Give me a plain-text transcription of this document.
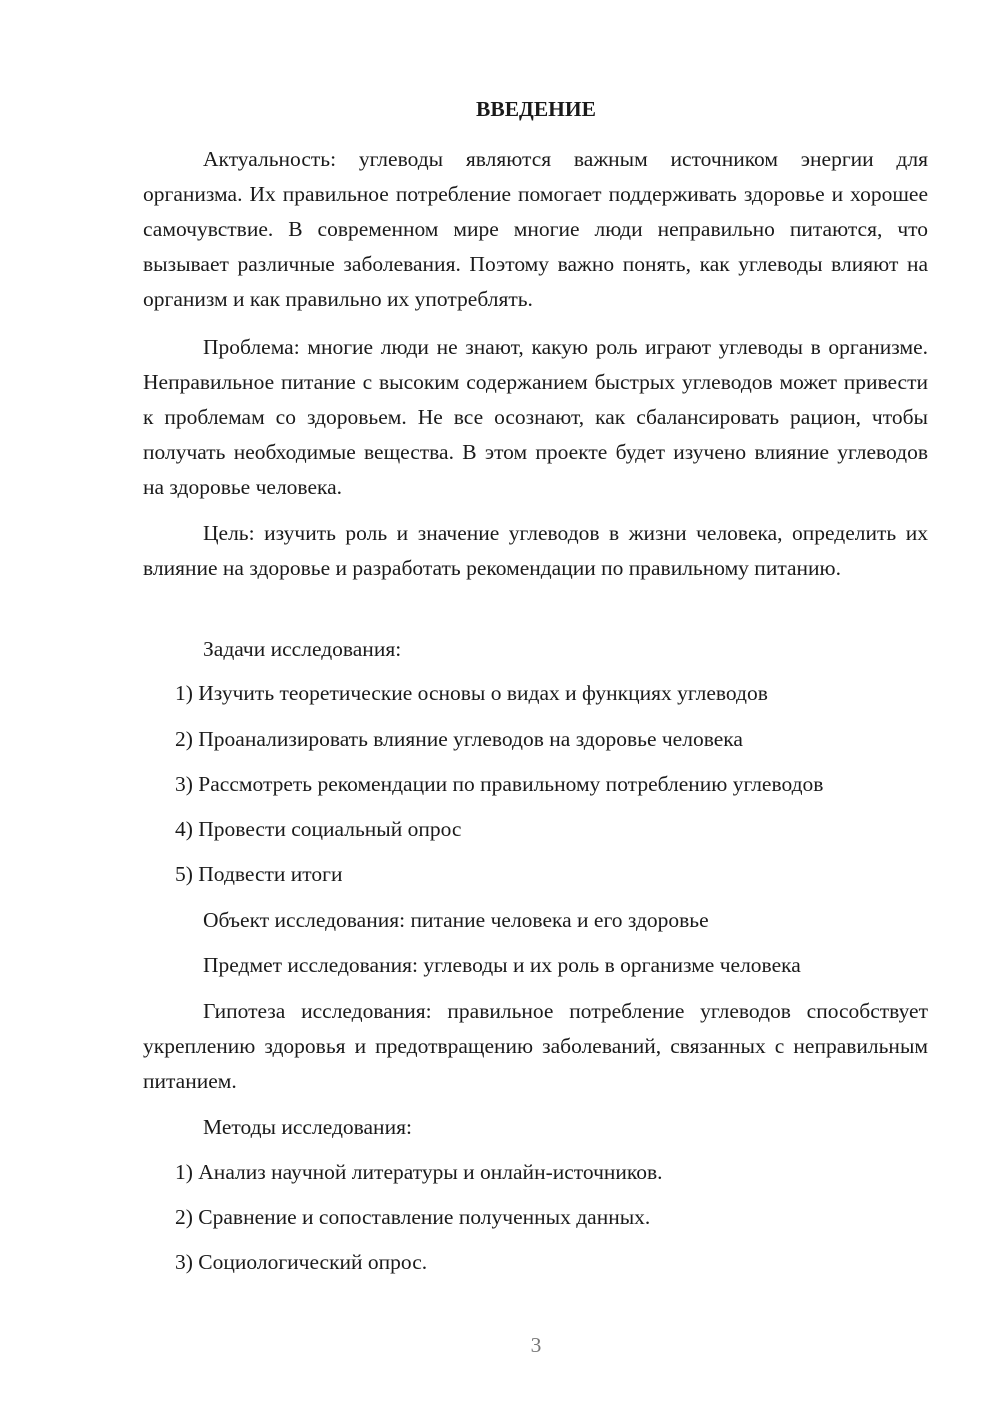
ВВЕДЕНИЕ

Актуальность: углеводы являются важным источником энергии для организма. Их правильное потребление помогает поддерживать здоровье и хорошее самочувствие. В современном мире многие люди неправильно питаются, что вызывает различные заболевания. Поэтому важно понять, как углеводы влияют на организм и как правильно их употреблять.

Проблема: многие люди не знают, какую роль играют углеводы в организме. Неправильное питание с высоким содержанием быстрых углеводов может привести к проблемам со здоровьем. Не все осознают, как сбалансировать рацион, чтобы получать необходимые вещества. В этом проекте будет изучено влияние углеводов на здоровье человека.

Цель: изучить роль и значение углеводов в жизни человека, определить их влияние на здоровье и разработать рекомендации по правильному питанию.

Задачи исследования:

1) Изучить теоретические основы о видах и функциях углеводов

2) Проанализировать влияние углеводов на здоровье человека

3) Рассмотреть рекомендации по правильному потреблению углеводов

4) Провести социальный опрос

5) Подвести итоги

Объект исследования: питание человека и его здоровье

Предмет исследования: углеводы и их роль в организме человека

Гипотеза исследования: правильное потребление углеводов способствует укреплению здоровья и предотвращению заболеваний, связанных с неправильным питанием.

Методы исследования:

1) Анализ научной литературы и онлайн-источников.

2) Сравнение и сопоставление полученных данных.

3) Социологический опрос.

3
